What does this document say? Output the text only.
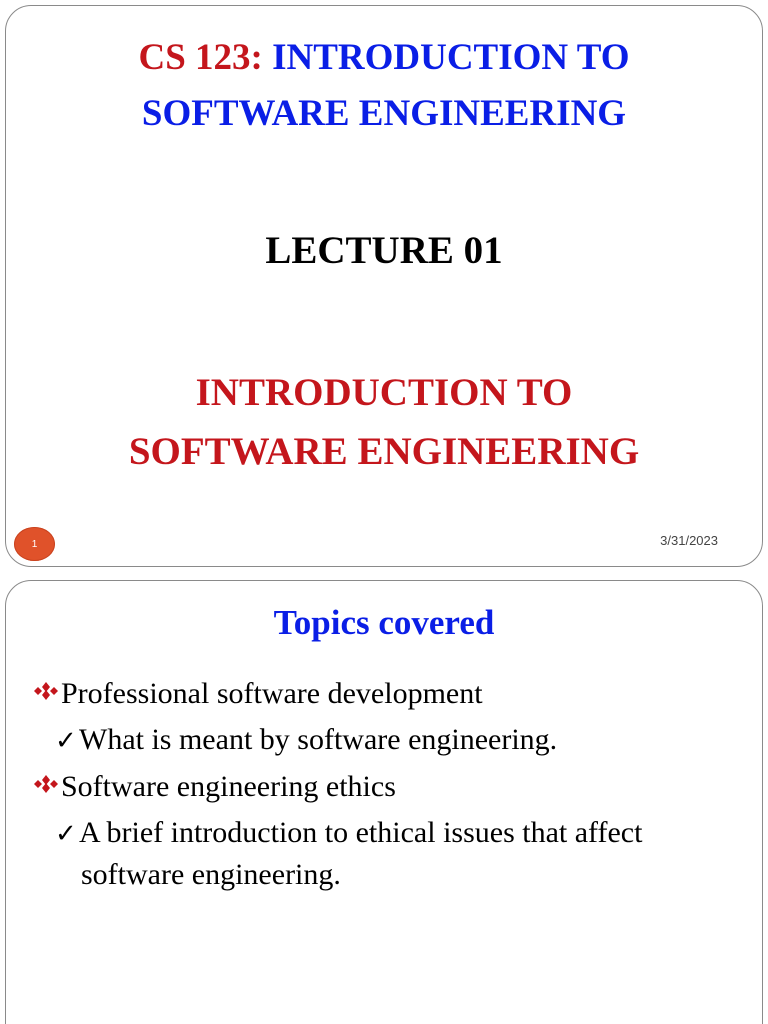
CS 123: INTRODUCTION TO
SOFTWARE ENGINEERING
LECTURE 01
INTRODUCTION TO
SOFTWARE ENGINEERING
1	3/31/2023
Topics covered
Professional software development
✓What is meant by software engineering.
Software engineering ethics
✓A brief introduction to ethical issues that affect
software engineering.
